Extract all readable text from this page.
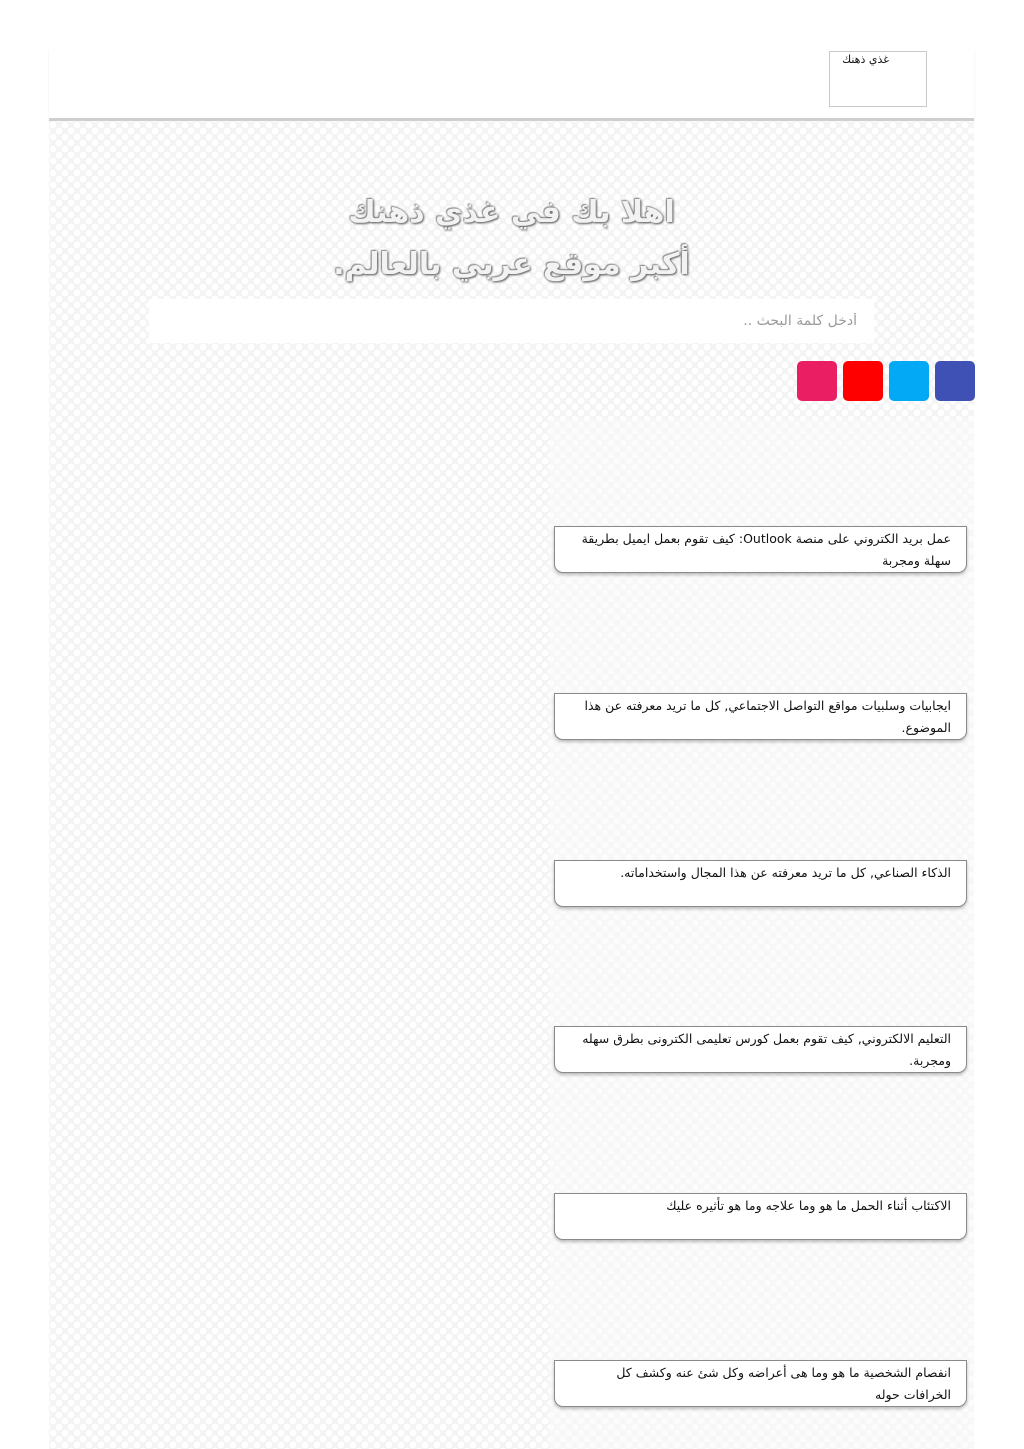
غذي ذهنك
اهلا بك في غذي ذهنك
أكبر موقع عربي بالعالم.
أدخل كلمة البحث ..

عمل بريد الكتروني على منصة Outlook: كيف تقوم بعمل ايميل بطريقة سهلة ومجربة

ايجابيات وسلبيات مواقع التواصل الاجتماعي, كل ما تريد معرفته عن هذا الموضوع.

الذكاء الصناعي, كل ما تريد معرفته عن هذا المجال واستخداماته.

التعليم الالكتروني, كيف تقوم بعمل كورس تعليمى الكترونى بطرق سهله ومجربة.

الاكتئاب أثناء الحمل ما هو وما علاجه وما هو تأثيره عليك

انفصام الشخصية ما هو وما هى أعراضه وكل شئ عنه وكشف كل الخرافات حوله
